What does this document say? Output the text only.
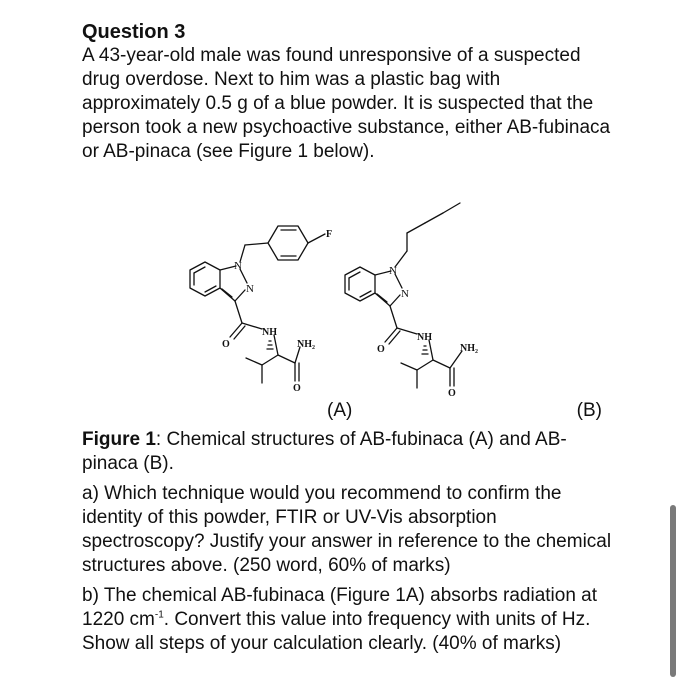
Question 3

A 43-year-old male was found unresponsive of a suspected drug overdose. Next to him was a plastic bag with approximately 0.5 g of a blue powder. It is suspected that the person took a new psychoactive substance, either AB-fubinaca or AB-pinaca (see Figure 1 below).

N
N
F
NH
NH₂
O
O
N
N
NH
NH₂
O
O
(A)	(B)

Figure 1: Chemical structures of AB-fubinaca (A) and AB-pinaca (B).

a) Which technique would you recommend to confirm the identity of this powder, FTIR or UV-Vis absorption spectroscopy? Justify your answer in reference to the chemical structures above. (250 word, 60% of marks)

b) The chemical AB-fubinaca (Figure 1A) absorbs radiation at 1220 $cm^{-1}$. Convert this value into frequency with units of Hz. Show all steps of your calculation clearly. (40% of marks)
